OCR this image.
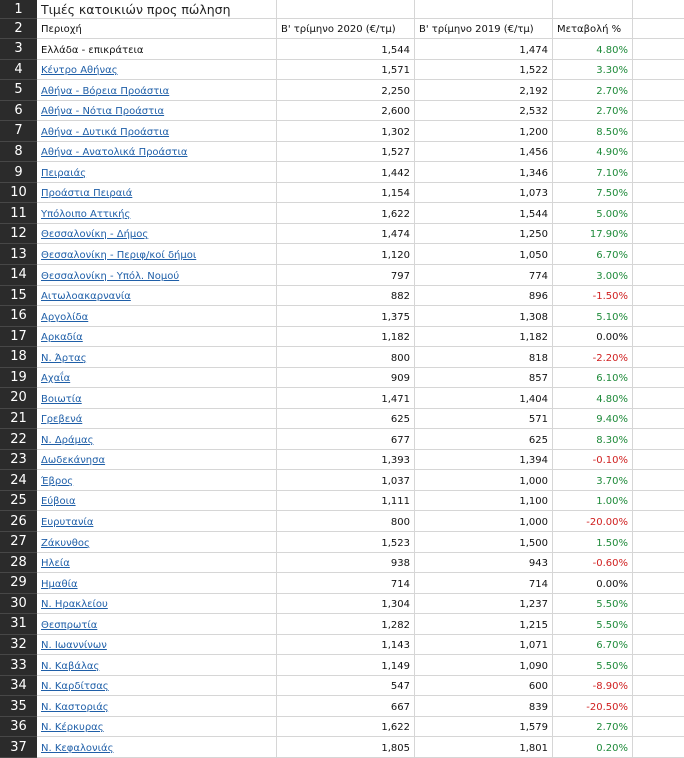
1	Τιμές κατοικιών προς πώληση
2	Περιοχή	Β' τρίμηνο 2020 (€/τμ)	Β' τρίμηνο 2019 (€/τμ)	Μεταβολή %
3	Ελλάδα - επικράτεια	1,544	1,474	4.80%
4	Κέντρο Αθήνας	1,571	1,522	3.30%
5	Αθήνα - Βόρεια Προάστια	2,250	2,192	2.70%
6	Αθήνα - Νότια Προάστια	2,600	2,532	2.70%
7	Αθήνα - Δυτικά Προάστια	1,302	1,200	8.50%
8	Αθήνα - Ανατολικά Προάστια	1,527	1,456	4.90%
9	Πειραιάς	1,442	1,346	7.10%
10	Προάστια Πειραιά	1,154	1,073	7.50%
11	Υπόλοιπο Αττικής	1,622	1,544	5.00%
12	Θεσσαλονίκη - Δήμος	1,474	1,250	17.90%
13	Θεσσαλονίκη - Περιφ/κοί δήμοι	1,120	1,050	6.70%
14	Θεσσαλονίκη - Υπόλ. Νομού	797	774	3.00%
15	Αιτωλοακαρνανία	882	896	-1.50%
16	Αργολίδα	1,375	1,308	5.10%
17	Αρκαδία	1,182	1,182	0.00%
18	Ν. Άρτας	800	818	-2.20%
19	Αχαΐα	909	857	6.10%
20	Βοιωτία	1,471	1,404	4.80%
21	Γρεβενά	625	571	9.40%
22	Ν. Δράμας	677	625	8.30%
23	Δωδεκάνησα	1,393	1,394	-0.10%
24	Έβρος	1,037	1,000	3.70%
25	Εύβοια	1,111	1,100	1.00%
26	Ευρυτανία	800	1,000	-20.00%
27	Ζάκυνθος	1,523	1,500	1.50%
28	Ηλεία	938	943	-0.60%
29	Ημαθία	714	714	0.00%
30	Ν. Ηρακλείου	1,304	1,237	5.50%
31	Θεσπρωτία	1,282	1,215	5.50%
32	Ν. Ιωαννίνων	1,143	1,071	6.70%
33	Ν. Καβάλας	1,149	1,090	5.50%
34	Ν. Καρδίτσας	547	600	-8.90%
35	Ν. Καστοριάς	667	839	-20.50%
36	Ν. Κέρκυρας	1,622	1,579	2.70%
37	Ν. Κεφαλονιάς	1,805	1,801	0.20%
